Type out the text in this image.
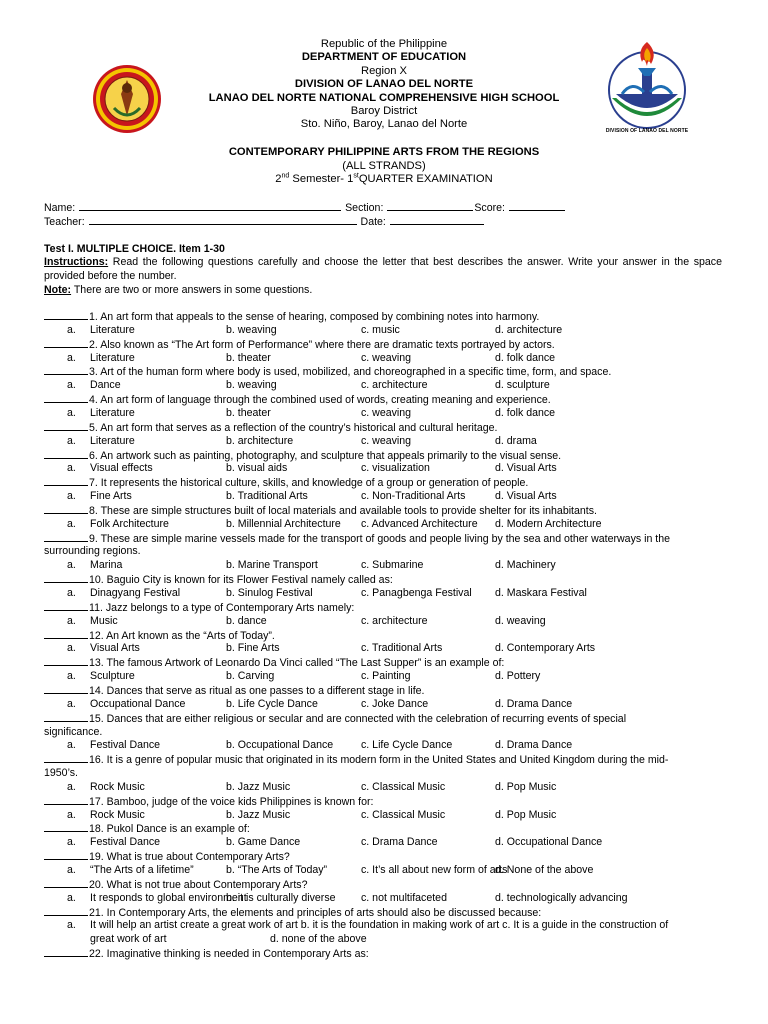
DIVISION OF LANAO DEL NORTE
Republic of the Philippine
DEPARTMENT OF EDUCATION
Region X
DIVISION OF LANAO DEL NORTE
LANAO DEL NORTE NATIONAL COMPREHENSIVE HIGH SCHOOL
Baroy District
Sto. Niño, Baroy, Lanao del Norte
CONTEMPORARY PHILIPPINE ARTS FROM THE REGIONS
(ALL STRANDS)
2nd Semester- 1stQUARTER EXAMINATION
Name:	Section:	Score:
Teacher:	Date:
Test I. MULTIPLE CHOICE. Item 1-30
Instructions: Read the following questions carefully and choose the letter that best describes the answer. Write your answer in the space provided before the number.
Note: There are two or more answers in some questions.
1. An art form that appeals to the sense of hearing, composed by combining notes into harmony.
a. Literature	b. weaving	c. music	d. architecture
2. Also known as “The Art form of Performance” where there are dramatic texts portrayed by actors.
a. Literature	b. theater	c. weaving	d. folk dance
3. Art of the human form where body is used, mobilized, and choreographed in a specific time, form, and space.
a. Dance	b. weaving	c. architecture	d. sculpture
4. An art form of language through the combined used of words, creating meaning and experience.
a. Literature	b. theater	c. weaving	d. folk dance
5. An art form that serves as a reflection of the country’s historical and cultural heritage.
a. Literature	b. architecture	c. weaving	d. drama
6. An artwork such as painting, photography, and sculpture that appeals primarily to the visual sense.
a. Visual effects	b. visual aids	c. visualization	d. Visual Arts
7. It represents the historical culture, skills, and knowledge of a group or generation of people.
a. Fine Arts	b. Traditional Arts	c. Non-Traditional Arts	d. Visual Arts
8. These are simple structures built of local materials and available tools to provide shelter for its inhabitants.
a. Folk Architecture	b. Millennial Architecture c. Advanced Architecture d. Modern Architecture
9. These are simple marine vessels made for the transport of goods and people living by the sea and other waterways in the
surrounding regions.
a. Marina	b. Marine Transport	c. Submarine	d. Machinery
10. Baguio City is known for its Flower Festival namely called as:
a. Dinagyang Festival	b. Sinulog Festival	c. Panagbenga Festival d. Maskara Festival
11. Jazz belongs to a type of Contemporary Arts namely:
a. Music	b. dance	c. architecture	d. weaving
12. An Art known as the “Arts of Today”.
a. Visual Arts	b. Fine Arts	c. Traditional Arts	d. Contemporary Arts
13. The famous Artwork of Leonardo Da Vinci called “The Last Supper” is an example of:
a. Sculpture	b. Carving	c. Painting	d. Pottery
14. Dances that serve as ritual as one passes to a different stage in life.
a. Occupational Dance	b. Life Cycle Dance	c. Joke Dance	d. Drama Dance
15. Dances that are either religious or secular and are connected with the celebration of recurring events of special
significance.
a. Festival Dance	b. Occupational Dance	c. Life Cycle Dance	d. Drama Dance
16. It is a genre of popular music that originated in its modern form in the United States and United Kingdom during the mid-
1950’s.
a. Rock Music	b. Jazz Music	c. Classical Music	d. Pop Music
17. Bamboo, judge of the voice kids Philippines is known for:
a. Rock Music	b. Jazz Music	c. Classical Music	d. Pop Music
18. Pukol Dance is an example of:
a. Festival Dance	b. Game Dance	c. Drama Dance	d. Occupational Dance
19. What is true about Contemporary Arts?
a. “The Arts of a lifetime”	b. “The Arts of Today”	c. It’s all about new form of arts
d. None of the above
20. What is not true about Contemporary Arts?
a. It responds to global environment
b. it is culturally diverse c. not multifaceted	d. technologically advancing
21. In Contemporary Arts, the elements and principles of arts should also be discussed because:
a. It will help an artist create a great work of art b. it is the foundation in making work of art c. It is a guide in the construction of
great work of art	d. none of the above
22. Imaginative thinking is needed in Contemporary Arts as:
